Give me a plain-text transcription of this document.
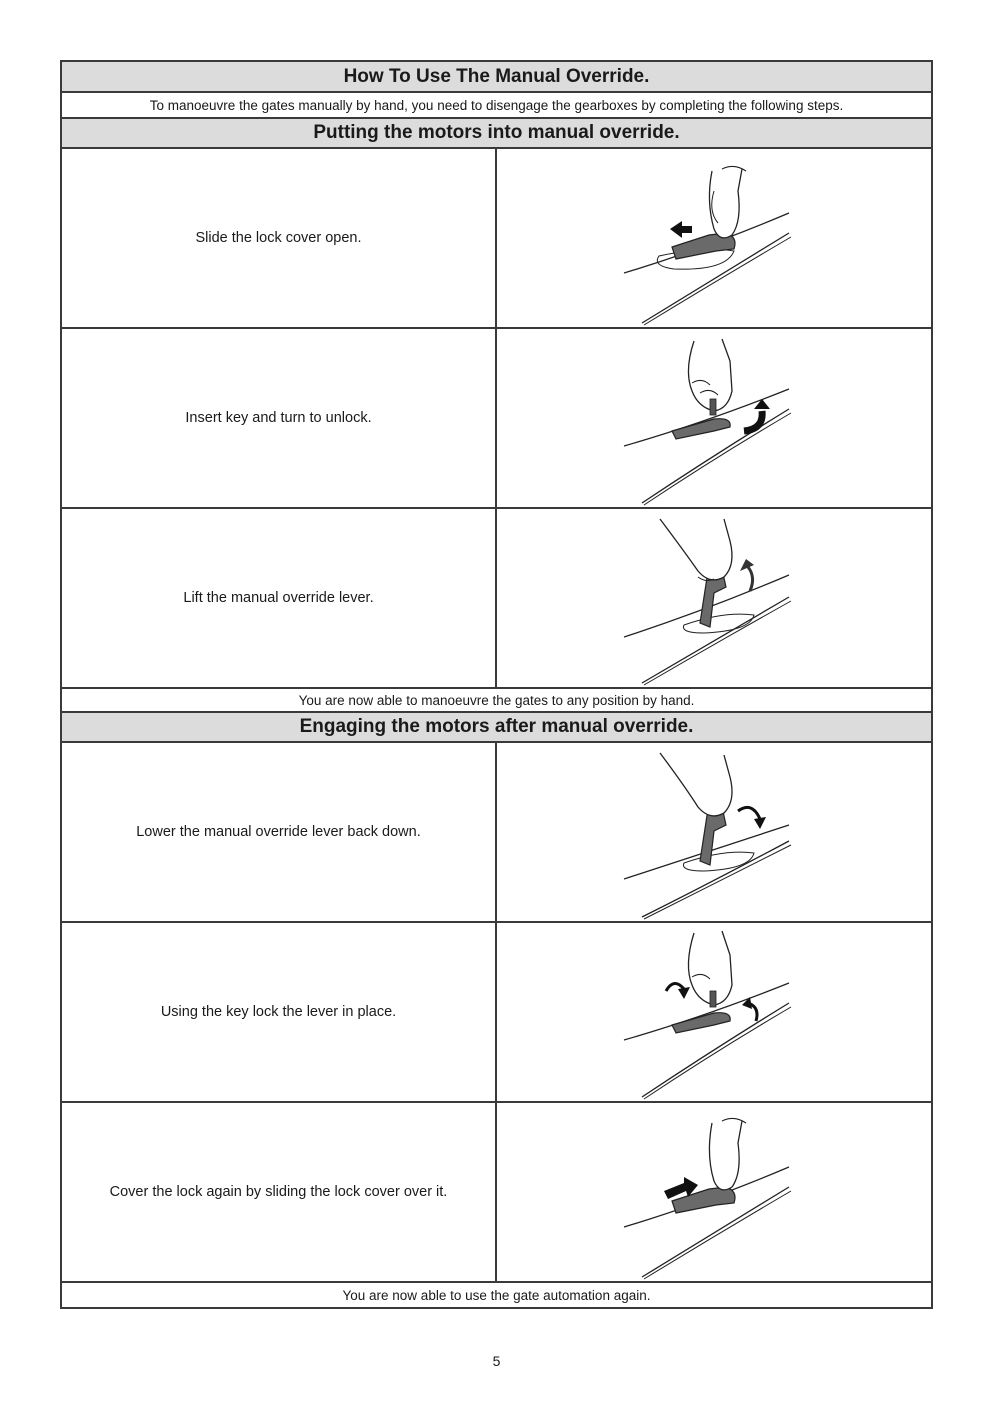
How To Use The Manual Override.
To manoeuvre the gates manually by hand, you need to disengage the gearboxes by completing the following steps.
Putting the motors into manual override.
Slide the lock cover open.
Insert key and turn to unlock.
Lift the manual override lever.
You are now able to manoeuvre the gates to any position by hand.
Engaging the motors after manual override.
Lower the manual override lever back down.
Using the key lock the lever in place.
Cover the lock again by sliding the lock cover over it.
You are now able to use the gate automation again.
5
